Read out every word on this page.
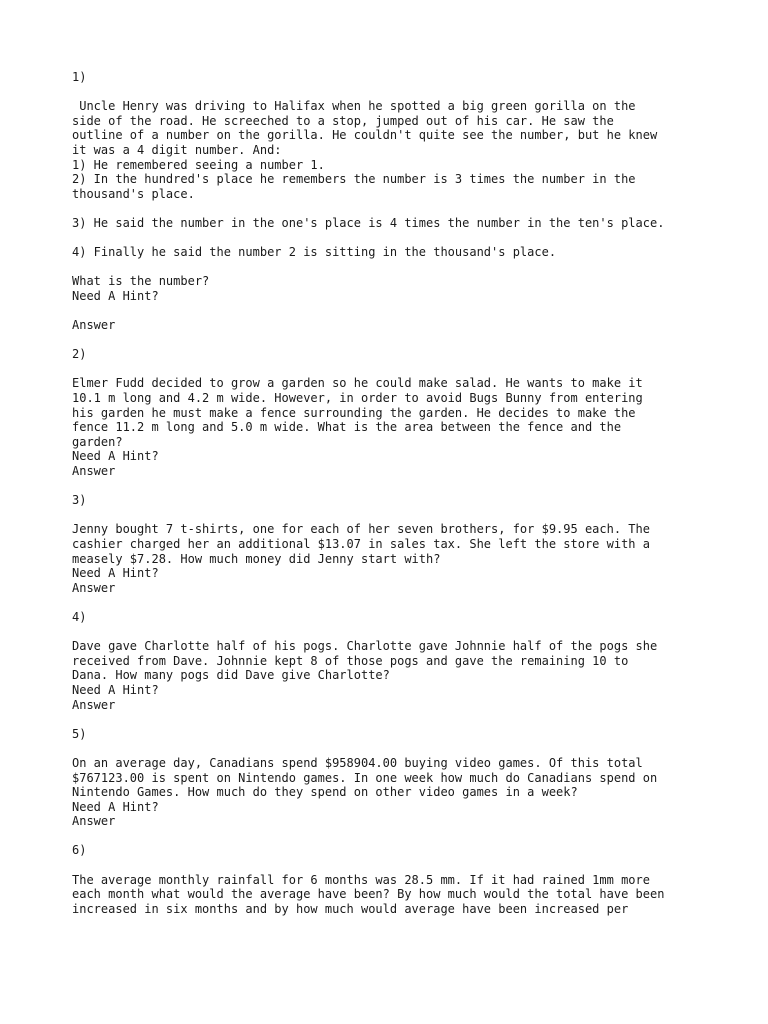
1)
Uncle Henry was driving to Halifax when he spotted a big green gorilla on the
side of the road. He screeched to a stop, jumped out of his car. He saw the
outline of a number on the gorilla. He couldn't quite see the number, but he knew
it was a 4 digit number. And:
1) He remembered seeing a number 1.
2) In the hundred's place he remembers the number is 3 times the number in the
thousand's place.
3) He said the number in the one's place is 4 times the number in the ten's place.
4) Finally he said the number 2 is sitting in the thousand's place.
What is the number?
Need A Hint?
Answer
2)
Elmer Fudd decided to grow a garden so he could make salad. He wants to make it
10.1 m long and 4.2 m wide. However, in order to avoid Bugs Bunny from entering
his garden he must make a fence surrounding the garden. He decides to make the
fence 11.2 m long and 5.0 m wide. What is the area between the fence and the
garden?
Need A Hint?
Answer
3)
Jenny bought 7 t-shirts, one for each of her seven brothers, for $9.95 each. The
cashier charged her an additional $13.07 in sales tax. She left the store with a
measely $7.28. How much money did Jenny start with?
Need A Hint?
Answer
4)
Dave gave Charlotte half of his pogs. Charlotte gave Johnnie half of the pogs she
received from Dave. Johnnie kept 8 of those pogs and gave the remaining 10 to
Dana. How many pogs did Dave give Charlotte?
Need A Hint?
Answer
5)
On an average day, Canadians spend $958904.00 buying video games. Of this total
$767123.00 is spent on Nintendo games. In one week how much do Canadians spend on
Nintendo Games. How much do they spend on other video games in a week?
Need A Hint?
Answer
6)
The average monthly rainfall for 6 months was 28.5 mm. If it had rained 1mm more
each month what would the average have been? By how much would the total have been
increased in six months and by how much would average have been increased per
